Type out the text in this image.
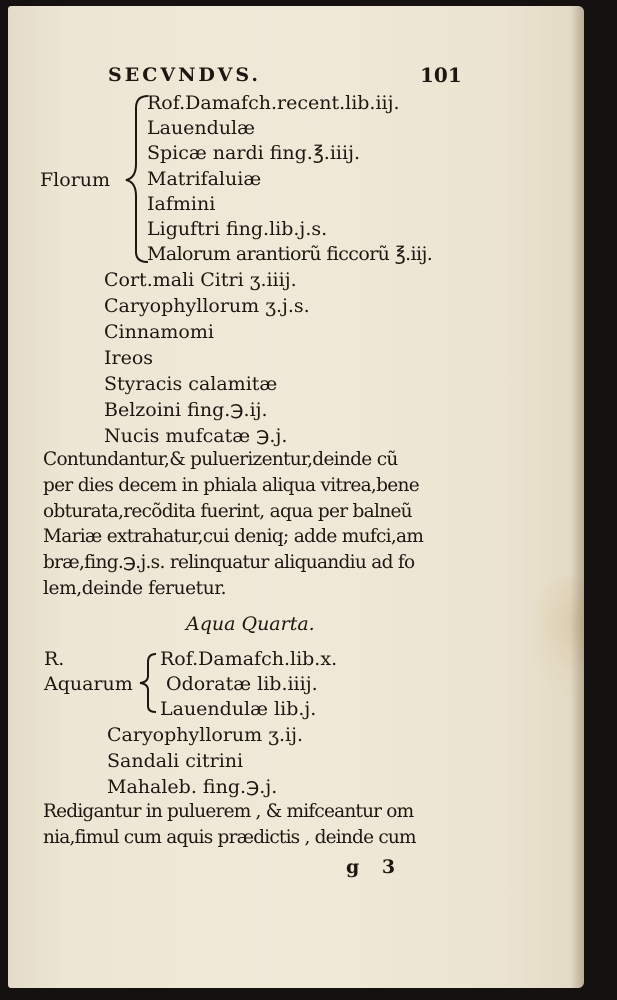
SECVNDVS.	101
Florum
Rof.Damafch.recent.lib.iij.
Lauendulæ
Spicæ nardi fing.℥.iiij.
Matrifaluiæ
Iafmini
Liguftri fing.lib.j.s.
Malorum arantiorũ ficcorũ ℥.iij.
Cort.mali Citri ʒ.iiij.
Caryophyllorum ʒ.j.s.
Cinnamomi
Ireos
Styracis calamitæ
Belzoini fing.℈.ij.
Nucis mufcatæ ℈.j.
Contundantur,& puluerizentur,deinde cũ
per dies decem in phiala aliqua vitrea,bene
obturata,recõdita fuerint, aqua per balneũ
Mariæ extrahatur,cui deniq; adde mufci,am
bræ,fing.℈.j.s. relinquatur aliquandiu ad fo
lem,deinde feruetur.
Aqua Quarta.
R.
Aquarum
Rof.Damafch.lib.x.
Odoratæ lib.iiij.
Lauendulæ lib.j.
Caryophyllorum ʒ.ij.
Sandali citrini
Mahaleb. fing.℈.j.
Redigantur in puluerem , & mifceantur om
nia,fimul cum aquis prædictis , deinde cum
g 3
